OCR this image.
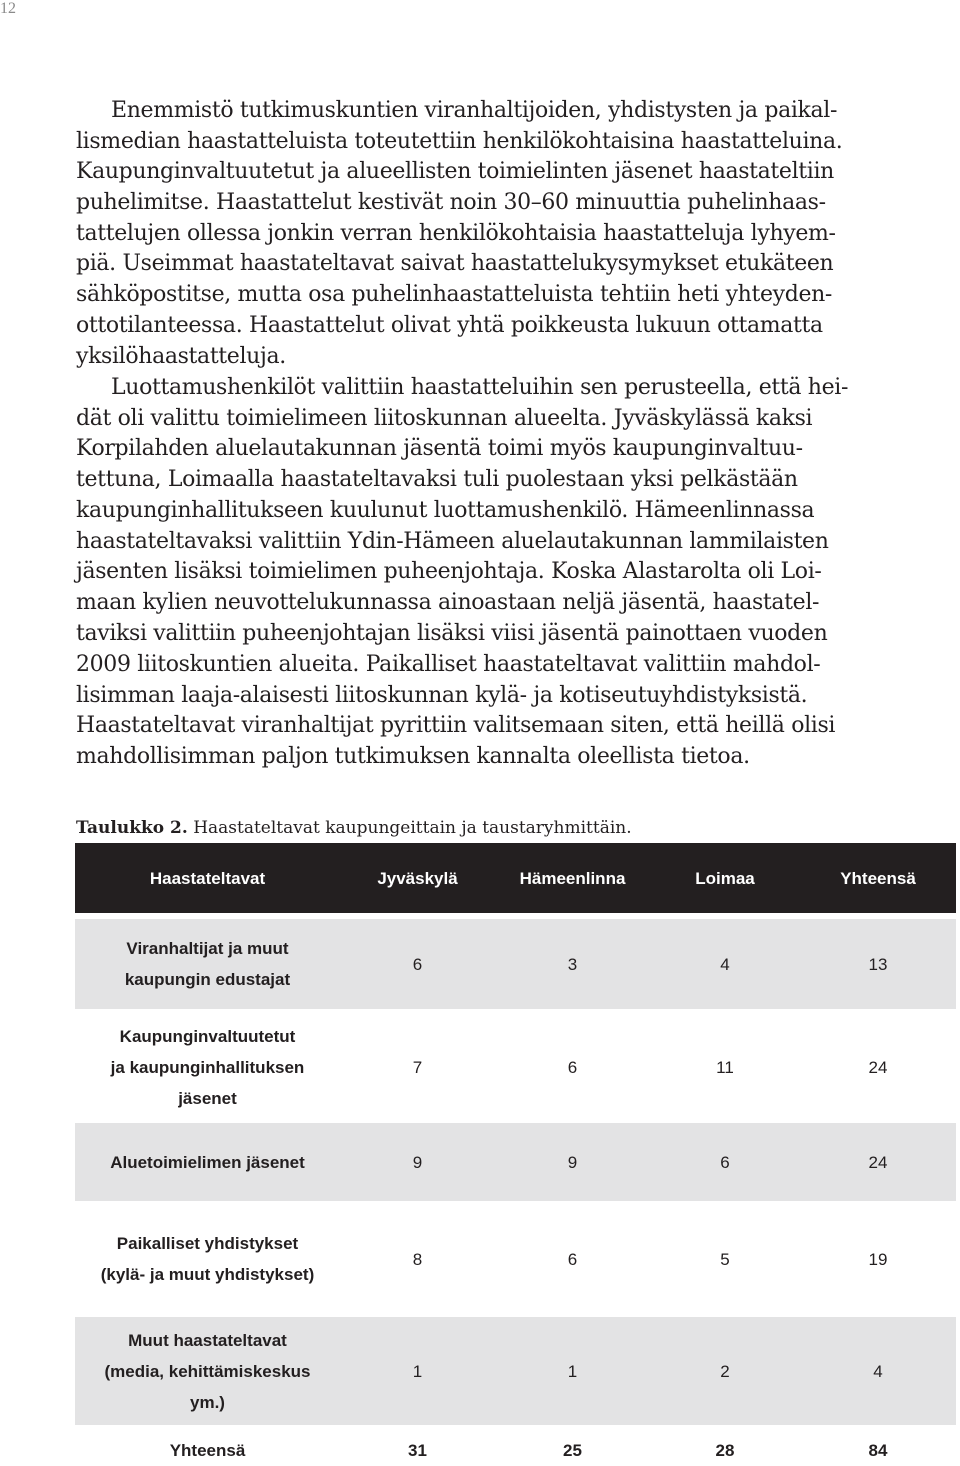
12
Enemmistö tutkimuskuntien viranhaltijoiden, yhdistysten ja paikal-
lismedian haastatteluista toteutettiin henkilökohtaisina haastatteluina.
Kaupunginvaltuutetut ja alueellisten toimielinten jäsenet haastateltiin
puhelimitse. Haastattelut kestivät noin 30–60 minuuttia puhelinhaas-
tattelujen ollessa jonkin verran henkilökohtaisia haastatteluja lyhyem-
piä. Useimmat haastateltavat saivat haastattelukysymykset etukäteen
sähköpostitse, mutta osa puhelinhaastatteluista tehtiin heti yhteyden-
ottotilanteessa. Haastattelut olivat yhtä poikkeusta lukuun ottamatta
yksilöhaastatteluja.
Luottamushenkilöt valittiin haastatteluihin sen perusteella, että hei-
dät oli valittu toimielimeen liitoskunnan alueelta. Jyväskylässä kaksi
Korpilahden aluelautakunnan jäsentä toimi myös kaupunginvaltuu-
tettuna, Loimaalla haastateltavaksi tuli puolestaan yksi pelkästään
kaupunginhallitukseen kuulunut luottamushenkilö. Hämeenlinnassa
haastateltavaksi valittiin Ydin-Hämeen aluelautakunnan lammilaisten
jäsenten lisäksi toimielimen puheenjohtaja. Koska Alastarolta oli Loi-
maan kylien neuvottelukunnassa ainoastaan neljä jäsentä, haastatel-
taviksi valittiin puheenjohtajan lisäksi viisi jäsentä painottaen vuoden
2009 liitoskuntien alueita. Paikalliset haastateltavat valittiin mahdol-
lisimman laaja-alaisesti liitoskunnan kylä- ja kotiseutuyhdistyksistä.
Haastateltavat viranhaltijat pyrittiin valitsemaan siten, että heillä olisi
mahdollisimman paljon tutkimuksen kannalta oleellista tietoa.
Taulukko 2. Haastateltavat kaupungeittain ja taustaryhmittäin.
Haastateltavat	Jyväskylä	Hämeenlinna	Loimaa	Yhteensä
Viranhaltijat ja muut
kaupungin edustajat
6	3	4	13
Kaupunginvaltuutetut
ja kaupunginhallituksen
jäsenet
7	6	11	24
Aluetoimielimen jäsenet	9	9	6	24
Paikalliset yhdistykset
(kylä- ja muut yhdistykset)
8	6	5	19
Muut haastateltavat
(media, kehittämiskeskus
ym.)
1	1	2	4
Yhteensä	31	25	28	84
